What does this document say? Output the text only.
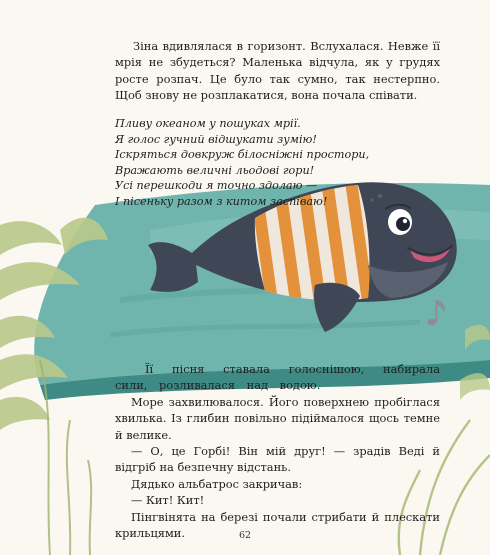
Зіна вдивлялася в горизонт. Вслухалася. Невже її мрія не збудеться? Маленька відчула, як у грудях росте розпач. Це було так сумно, так нестерпно. Щоб знову не розплакатися, вона почала співати.

Пливу океаном у пошуках мрії.
Я голос гучний відшукати зумію!
Іскряться довкруж білосніжні простори,
Вражають величні льодові гори!
Усі перешкоди я точно здолаю —
І пісеньку разом з китом заспіваю!

Її пісня ставала голоснішою, набирала сили, розливалася над водою.

Море захвилювалося. Його поверхнею пробіглася хвилька. Із глибин повільно підіймалося щось темне й велике.

— О, це Горбі! Він мій друг! — зрадів Веді й відгріб на безпечну відстань.

Дядько альбатрос закричав:

— Кит! Кит!

Пінгвінята на березі почали стрибати й плескати крильцями.	62
